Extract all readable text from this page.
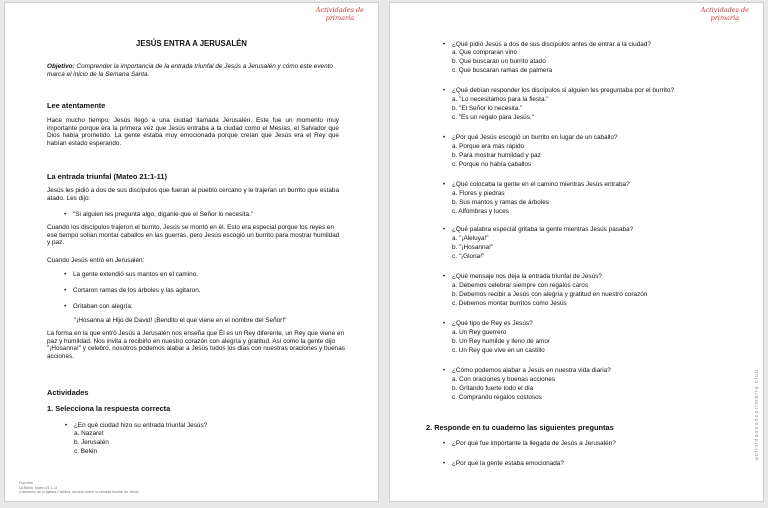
Actividades de
primaria
JESÚS ENTRA A JERUSALÉN
Objetivo: Comprender la importancia de la entrada triunfal de Jesús a Jerusalén y cómo este evento marca el inicio de la Semana Santa.
Lee atentamente
Hace mucho tiempo, Jesús llegó a una ciudad llamada Jerusalén. Este fue un momento muy importante porque era la primera vez que Jesús entraba a la ciudad como el Mesías, el Salvador que Dios había prometido. La gente estaba muy emocionada porque creían que Jesús era el Rey que habían estado esperando.
La entrada triunfal (Mateo 21:1-11)
Jesús les pidió a dos de sus discípulos que fueran al pueblo cercano y le trajeran un burrito que estaba atado. Les dijo:
• "Si alguien les pregunta algo, díganle que el Señor lo necesita."
Cuando los discípulos trajeron el burrito, Jesús se montó en él. Esto era especial porque los reyes en ese tiempo solían montar caballos en las guerras, pero Jesús escogió un burrito para mostrar humildad y paz.
Cuando Jesús entró en Jerusalén:
• La gente extendió sus mantos en el camino.
• Cortaron ramas de los árboles y las agitaron.
• Gritaban con alegría:
"¡Hosanna al Hijo de David! ¡Bendito el que viene en el nombre del Señor!"
La forma en la que entró Jesús a Jerusalén nos enseña que Él es un Rey diferente, un Rey que viene en paz y humildad. Nos invita a recibirlo en nuestro corazón con alegría y gratitud. Así como la gente dijo "¡Hosanna!" y celebró, nosotros podemos alabar a Jesús todos los días con nuestras oraciones y buenas acciones.
Actividades
1. Selecciona la respuesta correcta
• ¿En qué ciudad hizo su entrada triunfal Jesús?
a. Nazaret
b. Jerusalén
c. Belén
Fuentes
La Biblia: Mateo 21:1-11
Catecismo de la Iglesia Católica, sección sobre la entrada triunfal de Jesús
Actividades de
primaria
actividadesdeprimaria.club
• ¿Qué pidió Jesús a dos de sus discípulos antes de entrar a la ciudad?
a. Que compraran vino
b. Que buscaran un burrito atado
c. Que buscaran ramas de palmera
• ¿Qué debían responder los discípulos si alguien les preguntaba por el burrito?
a. "Lo necesitamos para la fiesta."
b. "El Señor lo necesita."
c. "Es un regalo para Jesús."
• ¿Por qué Jesús escogió un burrito en lugar de un caballo?
a. Porque era más rápido
b. Para mostrar humildad y paz
c. Porque no había caballos
• ¿Qué colocaba la gente en el camino mientras Jesús entraba?
a. Flores y piedras
b. Sus mantos y ramas de árboles
c. Alfombras y luces
• ¿Qué palabra especial gritaba la gente mientras Jesús pasaba?
a. "¡Aleluya!"
b. "¡Hosanna!"
c. "¡Gloria!"
• ¿Qué mensaje nos deja la entrada triunfal de Jesús?
a. Debemos celebrar siempre con regalos caros
b. Debemos recibir a Jesús con alegría y gratitud en nuestro corazón
c. Debemos montar burritos como Jesús
• ¿Qué tipo de Rey es Jesús?
a. Un Rey guerrero
b. Un Rey humilde y lleno de amor
c. Un Rey que vive en un castillo
• ¿Cómo podemos alabar a Jesús en nuestra vida diaria?
a. Con oraciones y buenas acciones
b. Gritando fuerte todo el día
c. Comprando regalos costosos
2. Responde en tu cuaderno las siguientes preguntas
• ¿Por qué fue importante la llegada de Jesús a Jerusalén?
• ¿Por qué la gente estaba emocionada?
